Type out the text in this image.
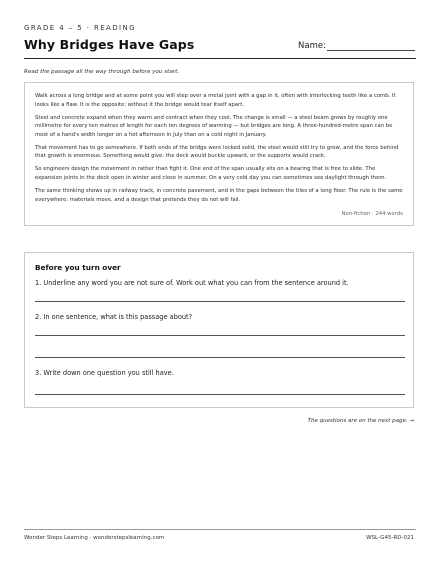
GRADE 4 – 5 · READING
Why Bridges Have Gaps	Name:
Read the passage all the way through before you start.

Walk across a long bridge and at some point you will step over a metal joint with a gap in it, often with interlocking teeth like a comb. It looks like a flaw. It is the opposite: without it the bridge would tear itself apart.

Steel and concrete expand when they warm and contract when they cool. The change is small — a steel beam grows by roughly one millimetre for every ten metres of length for each ten degrees of warming — but bridges are long. A three-hundred-metre span can be most of a hand's width longer on a hot afternoon in July than on a cold night in January.

That movement has to go somewhere. If both ends of the bridge were locked solid, the steel would still try to grow, and the force behind that growth is enormous. Something would give: the deck would buckle upward, or the supports would crack.

So engineers design the movement in rather than fight it. One end of the span usually sits on a bearing that is free to slide. The expansion joints in the deck open in winter and close in summer. On a very cold day you can sometimes see daylight through them.

The same thinking shows up in railway track, in concrete pavement, and in the gaps between the tiles of a long floor. The rule is the same everywhere: materials move, and a design that pretends they do not will fail.

Non-fiction · 244 words
Before you turn over
1. Underline any word you are not sure of. Work out what you can from the sentence around it.
2. In one sentence, what is this passage about?
3. Write down one question you still have.
The questions are on the next page. →
Wonder Steps Learning · wonderstepslearning.com	WSL-G45-RD-021
